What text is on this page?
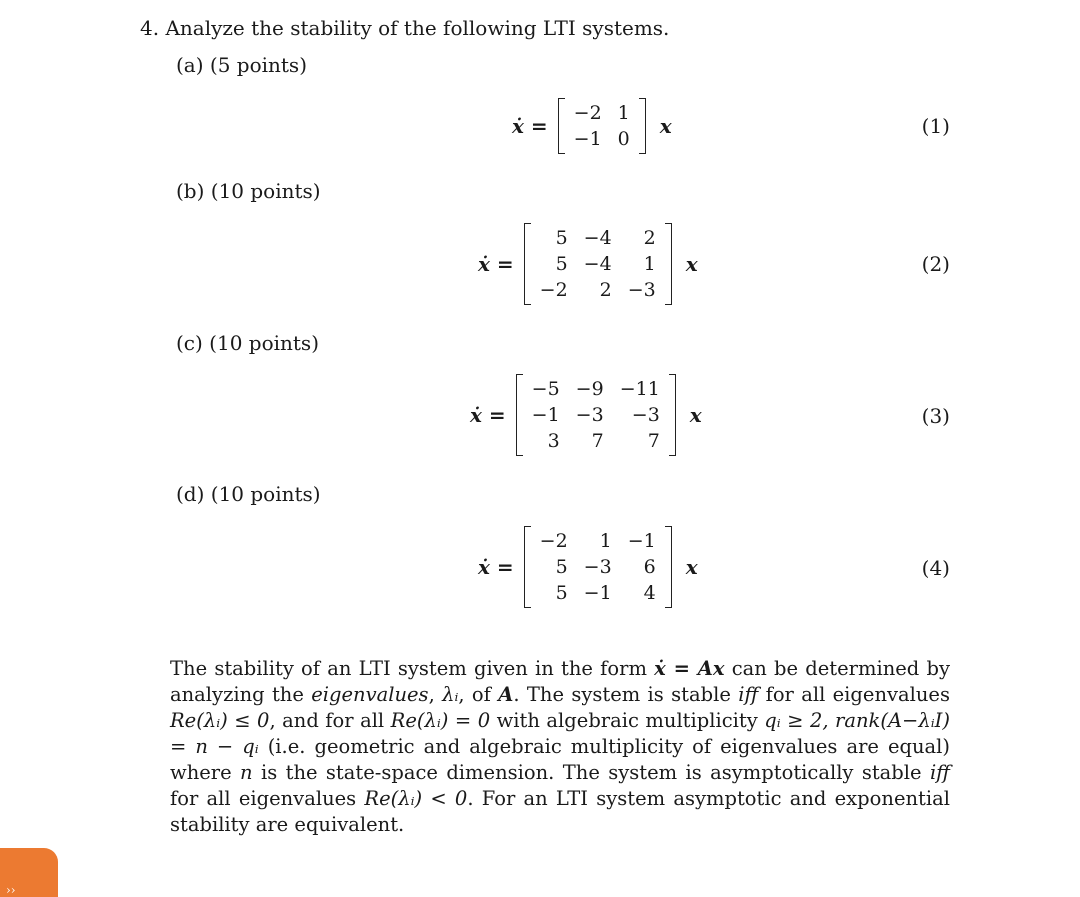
4. Analyze the stability of the following LTI systems.
(a) (5 points)
(b) (10 points)
(c) (10 points)
(d) (10 points)
ẋ =
−2	1
−1	0
x	(1)
ẋ =
5	−4	2
5	−4	1
−2	2	−3
x	(2)
ẋ =
−5	−9	−11
−1	−3	−3
3	7	7
x	(3)
ẋ =
−2	1	−1
5	−3	6
5	−1	4
x	(4)
The stability of an LTI system given in the form ẋ = Ax can be determined by analyzing the eigenvalues, λᵢ, of A. The system is stable iff for all eigenvalues Re(λᵢ) ≤ 0, and for all Re(λᵢ) = 0 with algebraic multiplicity qᵢ ≥ 2, rank(A−λᵢI) = n − qᵢ (i.e. geometric and algebraic multiplicity of eigenvalues are equal) where n is the state-space dimension. The system is asymptotically stable iff for all eigenvalues Re(λᵢ) < 0. For an LTI system asymptotic and exponential stability are equivalent.
››
